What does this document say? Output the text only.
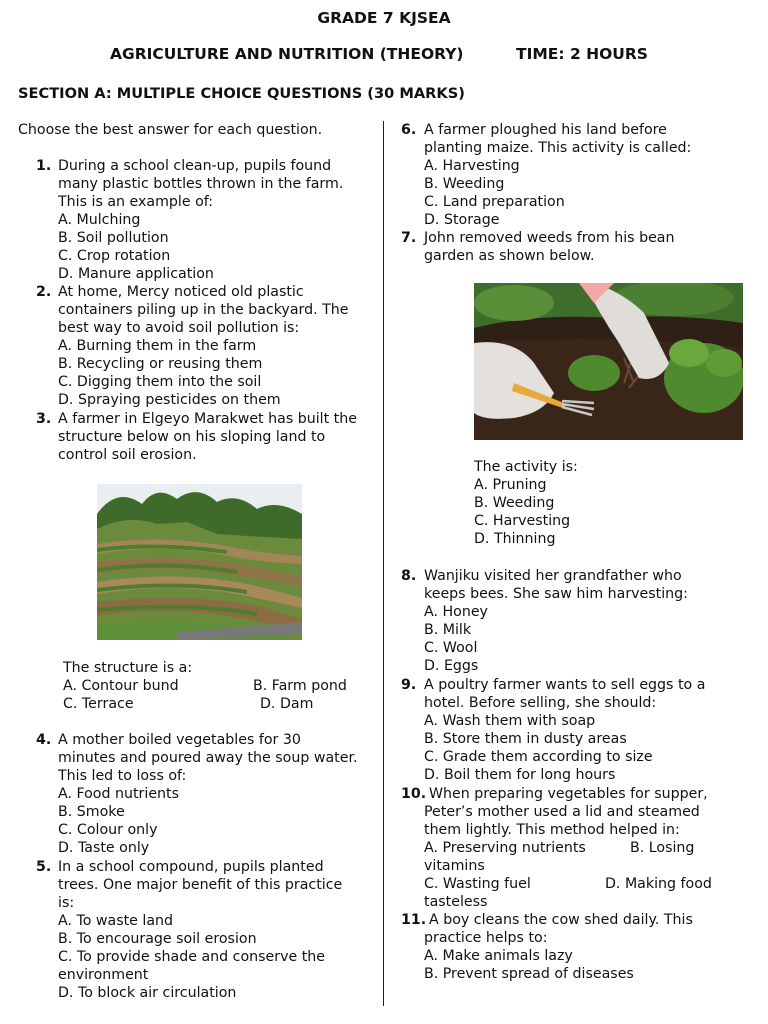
GRADE 7 KJSEA
AGRICULTURE AND NUTRITION (THEORY)	TIME: 2 HOURS
SECTION A: MULTIPLE CHOICE QUESTIONS (30 MARKS)
Choose the best answer for each question.
1. During a school clean-up, pupils found
many plastic bottles thrown in the farm.
This is an example of:
A. Mulching
B. Soil pollution
C. Crop rotation
D. Manure application
2. At home, Mercy noticed old plastic
containers piling up in the backyard. The
best way to avoid soil pollution is:
A. Burning them in the farm
B. Recycling or reusing them
C. Digging them into the soil
D. Spraying pesticides on them
3. A farmer in Elgeyo Marakwet has built the
structure below on his sloping land to
control soil erosion.
The structure is a:
A. Contour bund	B. Farm pond
C. Terrace	D. Dam
4. A mother boiled vegetables for 30
minutes and poured away the soup water.
This led to loss of:
A. Food nutrients
B. Smoke
C. Colour only
D. Taste only
5. In a school compound, pupils planted
trees. One major benefit of this practice
is:
A. To waste land
B. To encourage soil erosion
C. To provide shade and conserve the
environment
D. To block air circulation
6. A farmer ploughed his land before
planting maize. This activity is called:
A. Harvesting
B. Weeding
C. Land preparation
D. Storage
7. John removed weeds from his bean
garden as shown below.
The activity is:
A. Pruning
B. Weeding
C. Harvesting
D. Thinning
8. Wanjiku visited her grandfather who
keeps bees. She saw him harvesting:
A. Honey
B. Milk
C. Wool
D. Eggs
9. A poultry farmer wants to sell eggs to a
hotel. Before selling, she should:
A. Wash them with soap
B. Store them in dusty areas
C. Grade them according to size
D. Boil them for long hours
10. When preparing vegetables for supper,
Peter’s mother used a lid and steamed
them lightly. This method helped in:
A. Preserving nutrients	B. Losing
vitamins
C. Wasting fuel	D. Making food
tasteless
11. A boy cleans the cow shed daily. This
practice helps to:
A. Make animals lazy
B. Prevent spread of diseases
